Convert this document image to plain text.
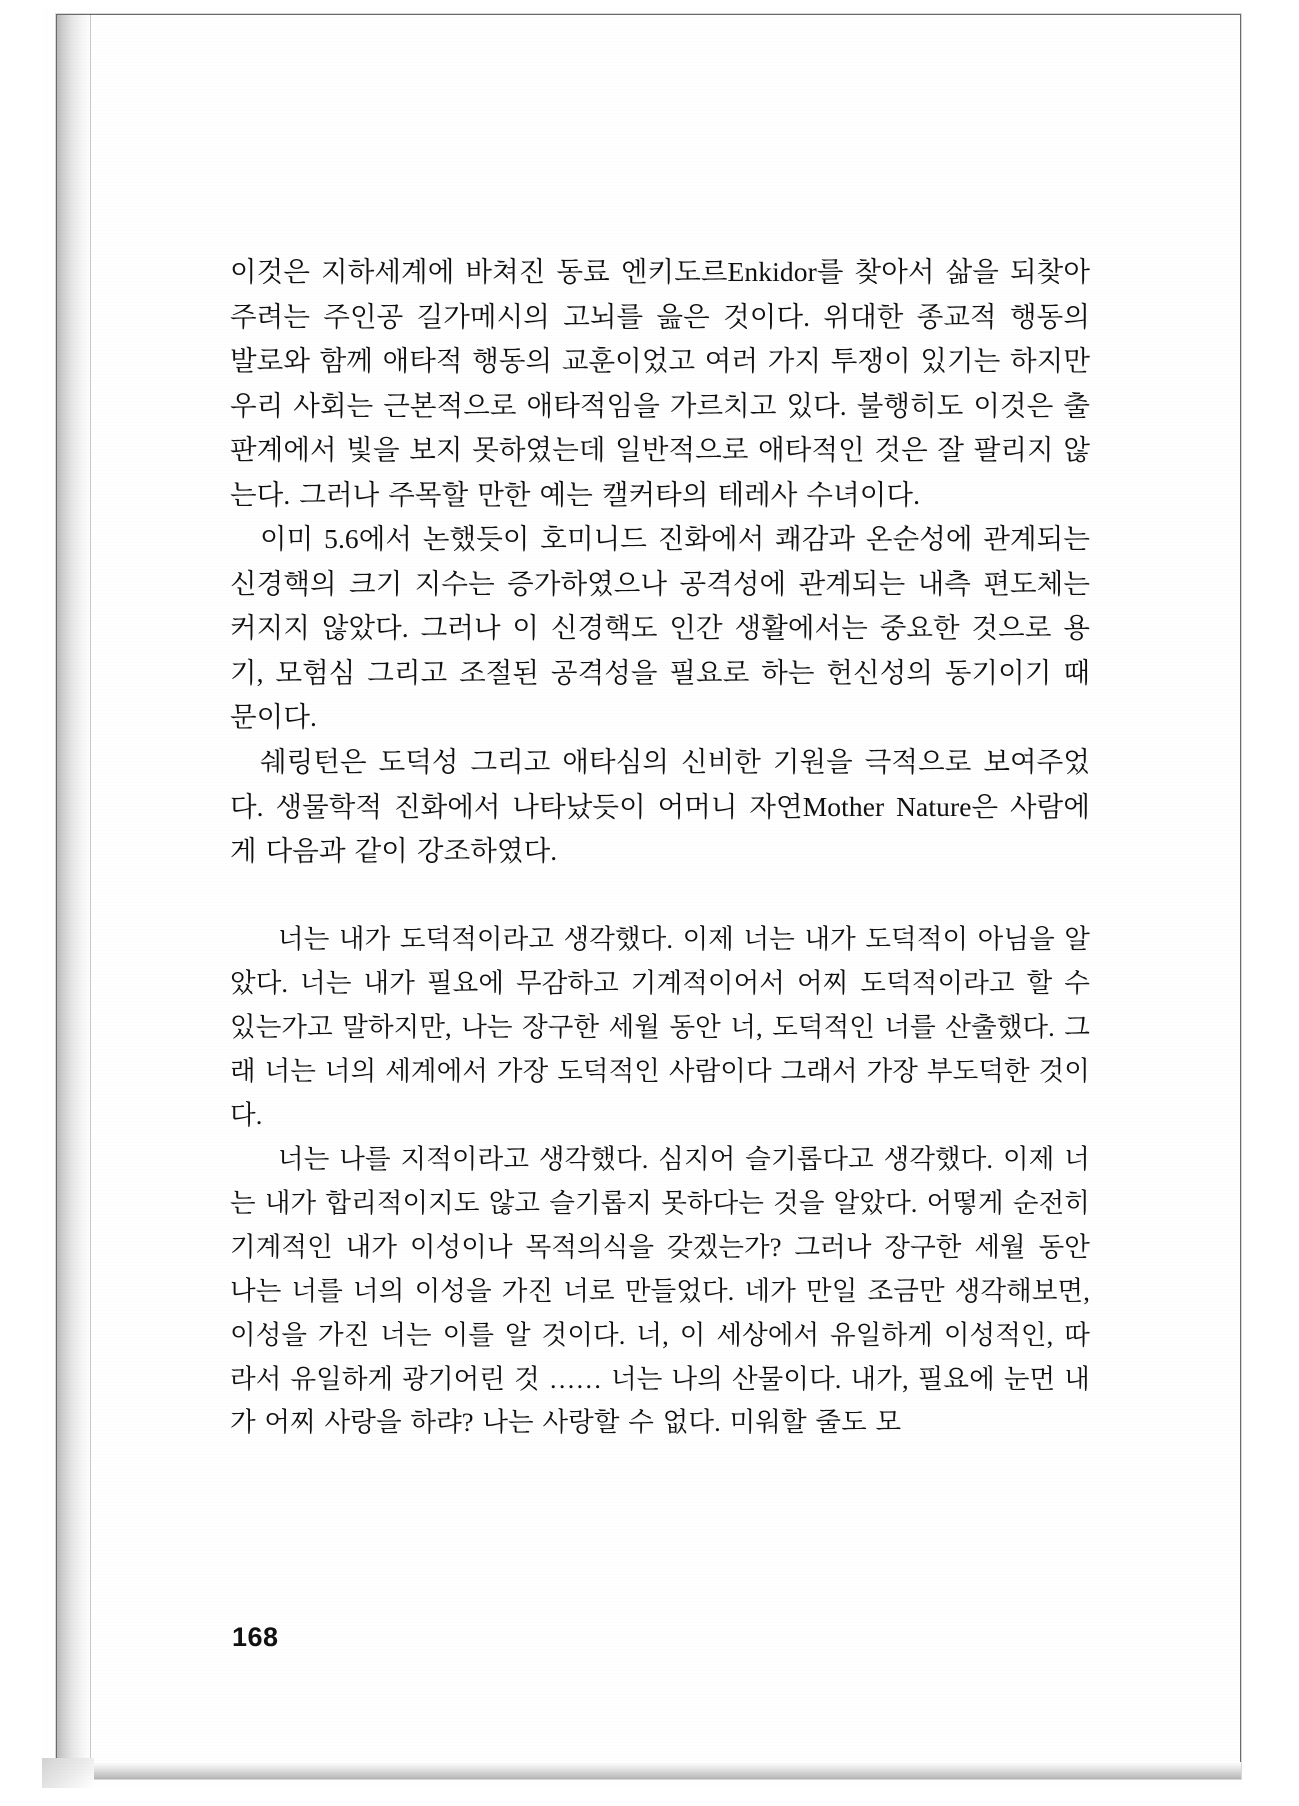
이것은 지하세계에 바쳐진 동료 엔키도르Enkidor를 찾아서 삶을 되찾아 주려는 주인공 길가메시의 고뇌를 읊은 것이다. 위대한 종교적 행동의 발로와 함께 애타적 행동의 교훈이었고 여러 가지 투쟁이 있기는 하지만 우리 사회는 근본적으로 애타적임을 가르치고 있다. 불행히도 이것은 출판계에서 빛을 보지 못하였는데 일반적으로 애타적인 것은 잘 팔리지 않는다. 그러나 주목할 만한 예는 캘커타의 테레사 수녀이다.

이미 5.6에서 논했듯이 호미니드 진화에서 쾌감과 온순성에 관계되는 신경핵의 크기 지수는 증가하였으나 공격성에 관계되는 내측 편도체는 커지지 않았다. 그러나 이 신경핵도 인간 생활에서는 중요한 것으로 용기, 모험심 그리고 조절된 공격성을 필요로 하는 헌신성의 동기이기 때문이다.

쉐링턴은 도덕성 그리고 애타심의 신비한 기원을 극적으로 보여주었다. 생물학적 진화에서 나타났듯이 어머니 자연Mother Nature은 사람에게 다음과 같이 강조하였다.

너는 내가 도덕적이라고 생각했다. 이제 너는 내가 도덕적이 아님을 알았다. 너는 내가 필요에 무감하고 기계적이어서 어찌 도덕적이라고 할 수 있는가고 말하지만, 나는 장구한 세월 동안 너, 도덕적인 너를 산출했다. 그래 너는 너의 세계에서 가장 도덕적인 사람이다 그래서 가장 부도덕한 것이다.

너는 나를 지적이라고 생각했다. 심지어 슬기롭다고 생각했다. 이제 너는 내가 합리적이지도 않고 슬기롭지 못하다는 것을 알았다. 어떻게 순전히 기계적인 내가 이성이나 목적의식을 갖겠는가? 그러나 장구한 세월 동안 나는 너를 너의 이성을 가진 너로 만들었다. 네가 만일 조금만 생각해보면, 이성을 가진 너는 이를 알 것이다. 너, 이 세상에서 유일하게 이성적인, 따라서 유일하게 광기어린 것 …… 너는 나의 산물이다. 내가, 필요에 눈먼 내가 어찌 사랑을 하랴? 나는 사랑할 수 없다. 미워할 줄도 모

168
